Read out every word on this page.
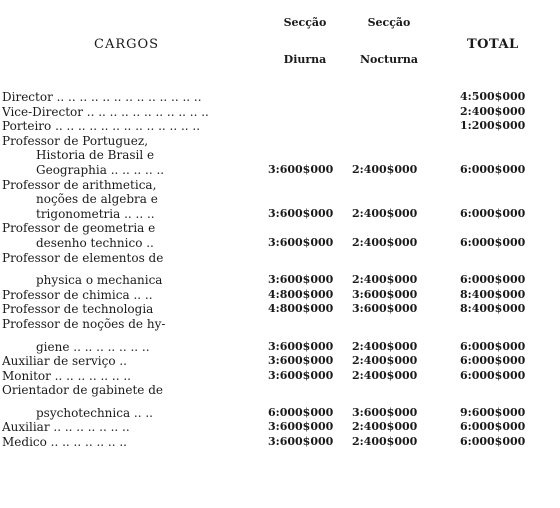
CARGOS
Secção
Diurna
Secção
Nocturna
TOTAL
Director .. .. .. .. .. .. .. .. .. .. .. .. ..	4:500$000
Vice-Director .. .. .. .. .. .. .. .. .. .. ..	2:400$000
Porteiro .. .. .. .. .. .. .. .. .. .. .. .. ..	1:200$000
Professor de Portuguez,
Historia de Brasil e
Geographia .. .. .. .. ..	3:600$000 2:400$000	6:000$000
Professor de arithmetica,
noções de algebra e
trigonometria .. .. ..	3:600$000 2:400$000	6:000$000
Professor de geometria e
desenho technico ..	3:600$000 2:400$000	6:000$000
Professor de elementos de
physica o mechanica	3:600$000 2:400$000	6:000$000
Professor de chimica .. ..	4:800$000 3:600$000	8:400$000
Professor de technologia	4:800$000 3:600$000	8:400$000
Professor de noções de hy-
giene .. .. .. .. .. .. ..	3:600$000 2:400$000	6:000$000
Auxiliar de serviço ..	3:600$000 2:400$000	6:000$000
Monitor .. .. .. .. .. .. ..	3:600$000 2:400$000	6:000$000
Orientador de gabinete de
psychotechnica .. ..	6:000$000 3:600$000	9:600$000
Auxiliar .. .. .. .. .. .. ..	3:600$000 2:400$000	6:000$000
Medico .. .. .. .. .. .. ..	3:600$000 2:400$000	6:000$000
